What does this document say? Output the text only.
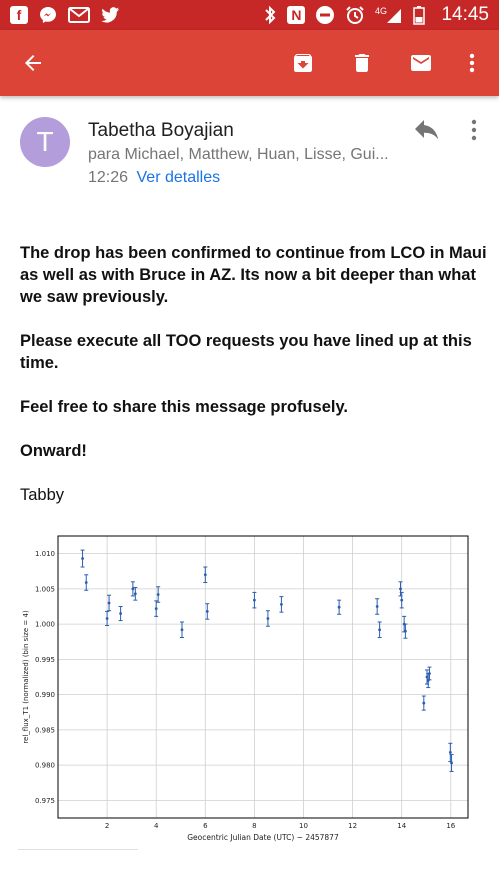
f	N	4G	14:45
T	Tabetha Boyajian
para Michael, Matthew, Huan, Lisse, Gui...
12:26 Ver detalles

The drop has been confirmed to continue from LCO in Maui as well as with Bruce in AZ. Its now a bit deeper than what we saw previously.

Please execute all TOO requests you have lined up at this time.

Feel free to share this message profusely.

Onward!

Tabby

0.975
0.980
0.985
0.990
0.995
1.000
1.005
1.010
2	4	6	8	10	12	14	16
Geocentric Julian Date (UTC) − 2457877
rel_flux_T1 (normalized) (bin size = 4)
